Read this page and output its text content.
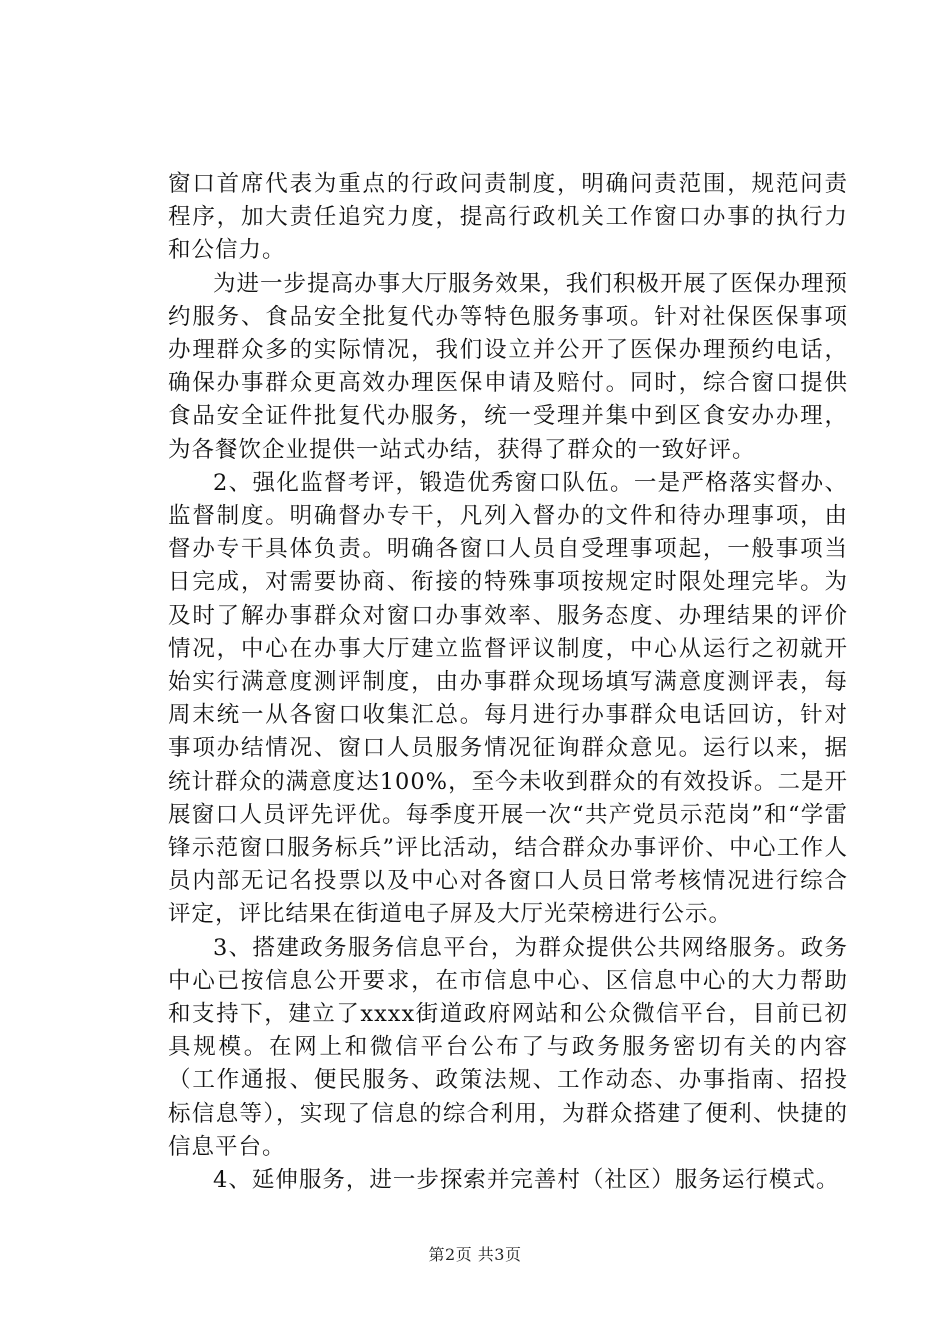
窗口首席代表为重点的行政问责制度，明确问责范围，规范问责程序，加大责任追究力度，提高行政机关工作窗口办事的执行力和公信力。

为进一步提高办事大厅服务效果，我们积极开展了医保办理预约服务、食品安全批复代办等特色服务事项。针对社保医保事项办理群众多的实际情况，我们设立并公开了医保办理预约电话，确保办事群众更高效办理医保申请及赔付。同时，综合窗口提供食品安全证件批复代办服务，统一受理并集中到区食安办办理，为各餐饮企业提供一站式办结，获得了群众的一致好评。

2、强化监督考评，锻造优秀窗口队伍。一是严格落实督办、监督制度。明确督办专干，凡列入督办的文件和待办理事项，由督办专干具体负责。明确各窗口人员自受理事项起，一般事项当日完成，对需要协商、衔接的特殊事项按规定时限处理完毕。为及时了解办事群众对窗口办事效率、服务态度、办理结果的评价情况，中心在办事大厅建立监督评议制度，中心从运行之初就开始实行满意度测评制度，由办事群众现场填写满意度测评表，每周末统一从各窗口收集汇总。每月进行办事群众电话回访，针对事项办结情况、窗口人员服务情况征询群众意见。运行以来，据统计群众的满意度达100%，至今未收到群众的有效投诉。二是开展窗口人员评先评优。每季度开展一次“共产党员示范岗”和“学雷锋示范窗口服务标兵”评比活动，结合群众办事评价、中心工作人员内部无记名投票以及中心对各窗口人员日常考核情况进行综合评定，评比结果在街道电子屏及大厅光荣榜进行公示。

3、搭建政务服务信息平台，为群众提供公共网络服务。政务中心已按信息公开要求，在市信息中心、区信息中心的大力帮助和支持下，建立了xxxx街道政府网站和公众微信平台，目前已初具规模。在网上和微信平台公布了与政务服务密切有关的内容（工作通报、便民服务、政策法规、工作动态、办事指南、招投标信息等），实现了信息的综合利用，为群众搭建了便利、快捷的信息平台。

4、延伸服务，进一步探索并完善村（社区）服务运行模式。

第2页 共3页
